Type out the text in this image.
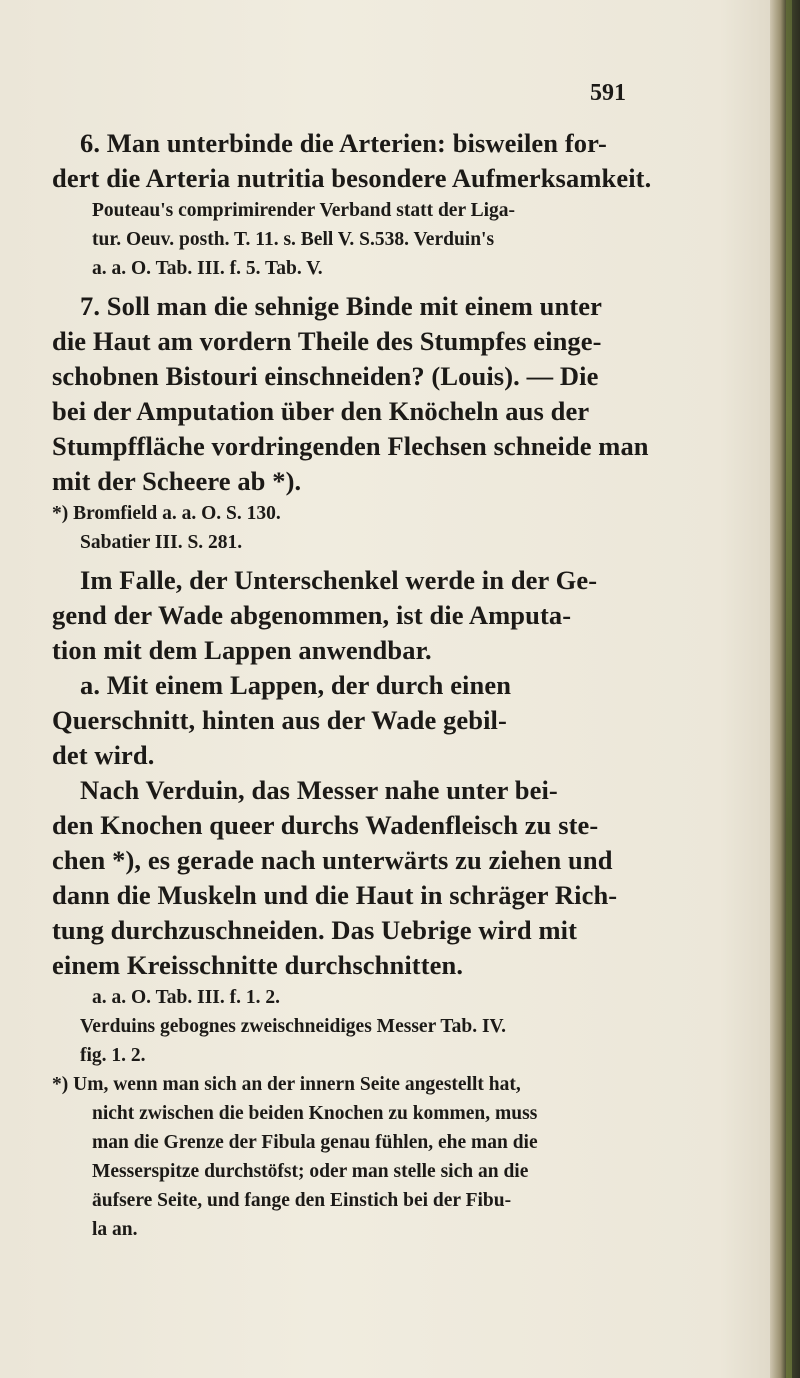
591
6. Man unterbinde die Arterien: bisweilen for-
dert die Arteria nutritia besondere Aufmerksamkeit.
Pouteau's comprimirender Verband statt der Liga-
tur. Oeuv. posth. T. 11. s. Bell V. S.538. Verduin's
a. a. O. Tab. III. f. 5. Tab. V.
7. Soll man die sehnige Binde mit einem unter
die Haut am vordern Theile des Stumpfes einge-
schobnen Bistouri einschneiden? (Louis). — Die
bei der Amputation über den Knöcheln aus der
Stumpffläche vordringenden Flechsen schneide man
mit der Scheere ab *).
*) Bromfield a. a. O. S. 130.
Sabatier III. S. 281.
Im Falle, der Unterschenkel werde in der Ge-
gend der Wade abgenommen, ist die Amputa-
tion mit dem Lappen anwendbar.
a. Mit einem Lappen, der durch einen
Querschnitt, hinten aus der Wade gebil-
det wird.
Nach Verduin, das Messer nahe unter bei-
den Knochen queer durchs Wadenfleisch zu ste-
chen *), es gerade nach unterwärts zu ziehen und
dann die Muskeln und die Haut in schräger Rich-
tung durchzuschneiden. Das Uebrige wird mit
einem Kreisschnitte durchschnitten.
a. a. O. Tab. III. f. 1. 2.
Verduins gebognes zweischneidiges Messer Tab. IV.
fig. 1. 2.
*) Um, wenn man sich an der innern Seite angestellt hat,
nicht zwischen die beiden Knochen zu kommen, muss
man die Grenze der Fibula genau fühlen, ehe man die
Messerspitze durchstöfst; oder man stelle sich an die
äufsere Seite, und fange den Einstich bei der Fibu-
la an.
